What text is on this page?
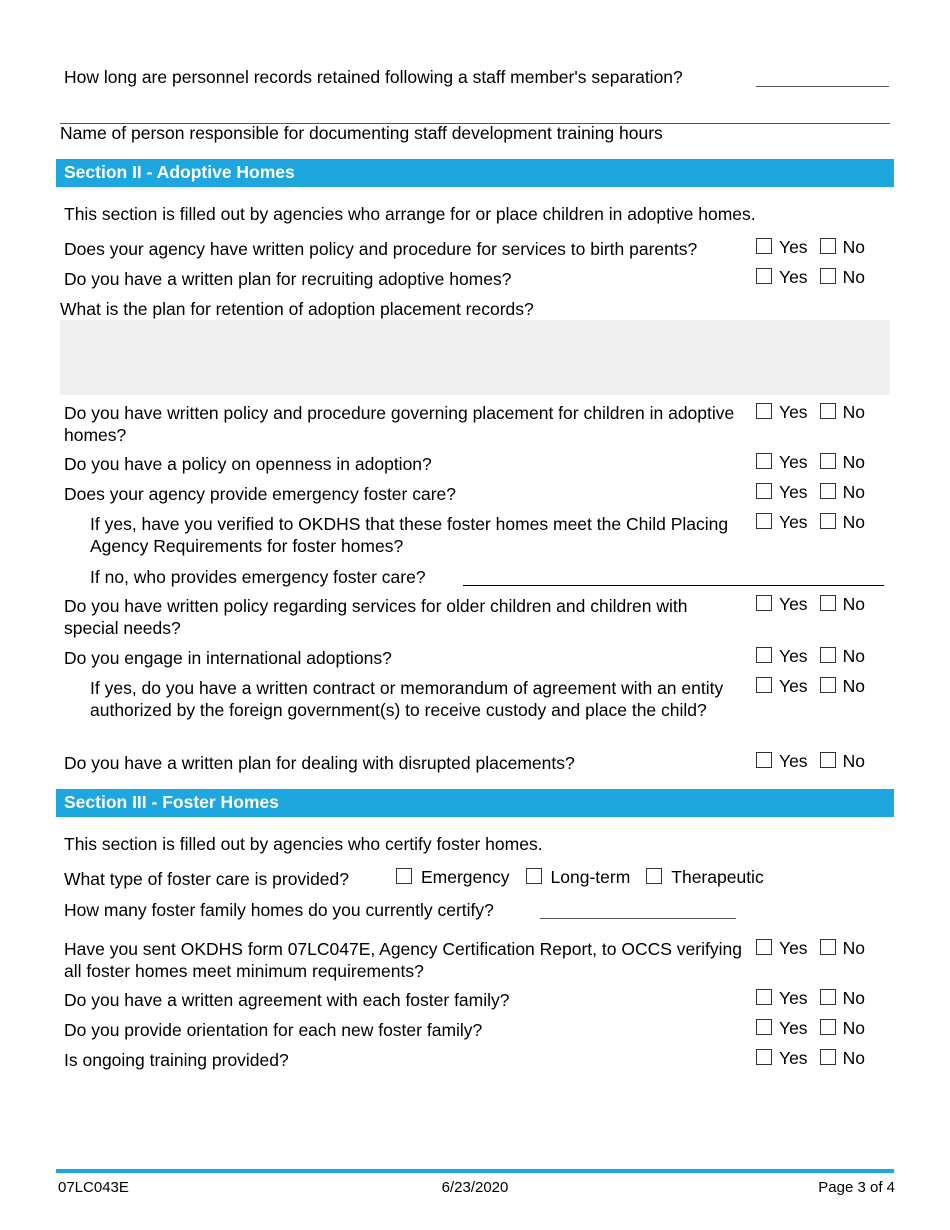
How long are personnel records retained following a staff member's separation?
Name of person responsible for documenting staff development training hours
Section II - Adoptive Homes
This section is filled out by agencies who arrange for or place children in adoptive homes.
Does your agency have written policy and procedure for services to birth parents?	Yes No
Do you have a written plan for recruiting adoptive homes?	Yes No
What is the plan for retention of adoption placement records?
Do you have written policy and procedure governing placement for children in adoptive homes?
Yes No
Do you have a policy on openness in adoption?	Yes No
Does your agency provide emergency foster care?	Yes No
If yes, have you verified to OKDHS that these foster homes meet the Child Placing Agency Requirements for foster homes?
Yes No
If no, who provides emergency foster care?
Do you have written policy regarding services for older children and children with special needs?
Yes No
Do you engage in international adoptions?	Yes No
If yes, do you have a written contract or memorandum of agreement with an entity authorized by the foreign government(s) to receive custody and place the child?
Yes No
Do you have a written plan for dealing with disrupted placements?	Yes No
Section III - Foster Homes
This section is filled out by agencies who certify foster homes.
What type of foster care is provided?	Emergency Long-term Therapeutic
How many foster family homes do you currently certify?
Have you sent OKDHS form 07LC047E, Agency Certification Report, to OCCS verifying all foster homes meet minimum requirements?
Yes No
Do you have a written agreement with each foster family?	Yes No
Do you provide orientation for each new foster family?	Yes No
Is ongoing training provided?	Yes No
07LC043E	6/23/2020	Page 3 of 4
